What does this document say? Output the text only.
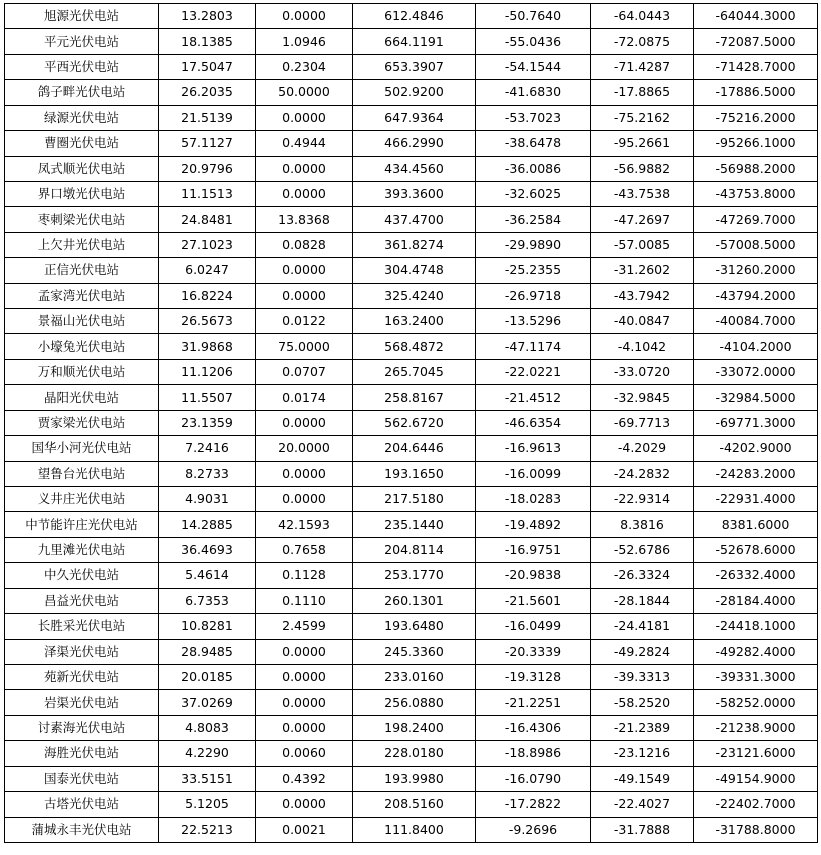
旭源光伏电站	13.2803	0.0000	612.4846	-50.7640	-64.0443	-64044.3000
平元光伏电站	18.1385	1.0946	664.1191	-55.0436	-72.0875	-72087.5000
平西光伏电站	17.5047	0.2304	653.3907	-54.1544	-71.4287	-71428.7000
鸽子畔光伏电站	26.2035	50.0000	502.9200	-41.6830	-17.8865	-17886.5000
绿源光伏电站	21.5139	0.0000	647.9364	-53.7023	-75.2162	-75216.2000
曹圈光伏电站	57.1127	0.4944	466.2990	-38.6478	-95.2661	-95266.1000
凤式顺光伏电站	20.9796	0.0000	434.4560	-36.0086	-56.9882	-56988.2000
界口墩光伏电站	11.1513	0.0000	393.3600	-32.6025	-43.7538	-43753.8000
枣刺梁光伏电站	24.8481	13.8368	437.4700	-36.2584	-47.2697	-47269.7000
上欠井光伏电站	27.1023	0.0828	361.8274	-29.9890	-57.0085	-57008.5000
正信光伏电站	6.0247	0.0000	304.4748	-25.2355	-31.2602	-31260.2000
孟家湾光伏电站	16.8224	0.0000	325.4240	-26.9718	-43.7942	-43794.2000
景福山光伏电站	26.5673	0.0122	163.2400	-13.5296	-40.0847	-40084.7000
小壕兔光伏电站	31.9868	75.0000	568.4872	-47.1174	-4.1042	-4104.2000
万和顺光伏电站	11.1206	0.0707	265.7045	-22.0221	-33.0720	-33072.0000
晶阳光伏电站	11.5507	0.0174	258.8167	-21.4512	-32.9845	-32984.5000
贾家梁光伏电站	23.1359	0.0000	562.6720	-46.6354	-69.7713	-69771.3000
国华小河光伏电站	7.2416	20.0000	204.6446	-16.9613	-4.2029	-4202.9000
望鲁台光伏电站	8.2733	0.0000	193.1650	-16.0099	-24.2832	-24283.2000
义井庄光伏电站	4.9031	0.0000	217.5180	-18.0283	-22.9314	-22931.4000
中节能许庄光伏电站	14.2885	42.1593	235.1440	-19.4892	8.3816	8381.6000
九里滩光伏电站	36.4693	0.7658	204.8114	-16.9751	-52.6786	-52678.6000
中久光伏电站	5.4614	0.1128	253.1770	-20.9838	-26.3324	-26332.4000
昌益光伏电站	6.7353	0.1110	260.1301	-21.5601	-28.1844	-28184.4000
长胜采光伏电站	10.8281	2.4599	193.6480	-16.0499	-24.4181	-24418.1000
泽渠光伏电站	28.9485	0.0000	245.3360	-20.3339	-49.2824	-49282.4000
苑新光伏电站	20.0185	0.0000	233.0160	-19.3128	-39.3313	-39331.3000
岩渠光伏电站	37.0269	0.0000	256.0880	-21.2251	-58.2520	-58252.0000
讨素海光伏电站	4.8083	0.0000	198.2400	-16.4306	-21.2389	-21238.9000
海胜光伏电站	4.2290	0.0060	228.0180	-18.8986	-23.1216	-23121.6000
国泰光伏电站	33.5151	0.4392	193.9980	-16.0790	-49.1549	-49154.9000
古塔光伏电站	5.1205	0.0000	208.5160	-17.2822	-22.4027	-22402.7000
蒲城永丰光伏电站	22.5213	0.0021	111.8400	-9.2696	-31.7888	-31788.8000
